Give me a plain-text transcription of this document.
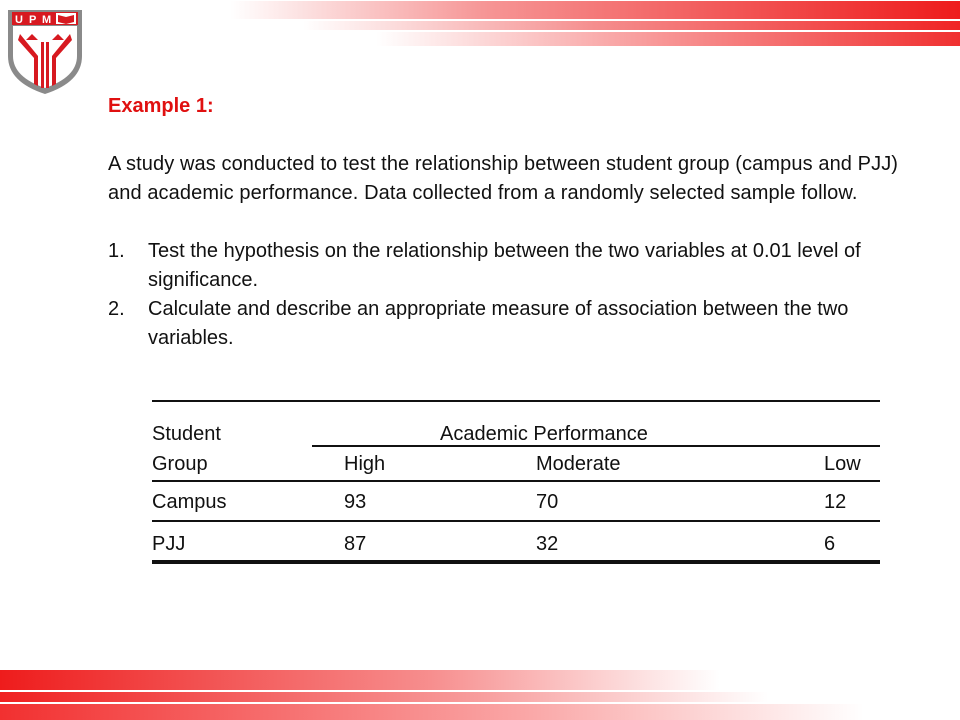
U P M
Example 1:

A study was conducted to test the relationship between student group (campus and PJJ) and academic performance. Data collected from a randomly selected sample follow.

1. Test the hypothesis on the relationship between the two variables at 0.01 level of significance.
2. Calculate and describe an appropriate measure of association between the two variables.
Student	Academic Performance
Group	High	Moderate	Low
Campus	93	70	12
PJJ	87	32	6
